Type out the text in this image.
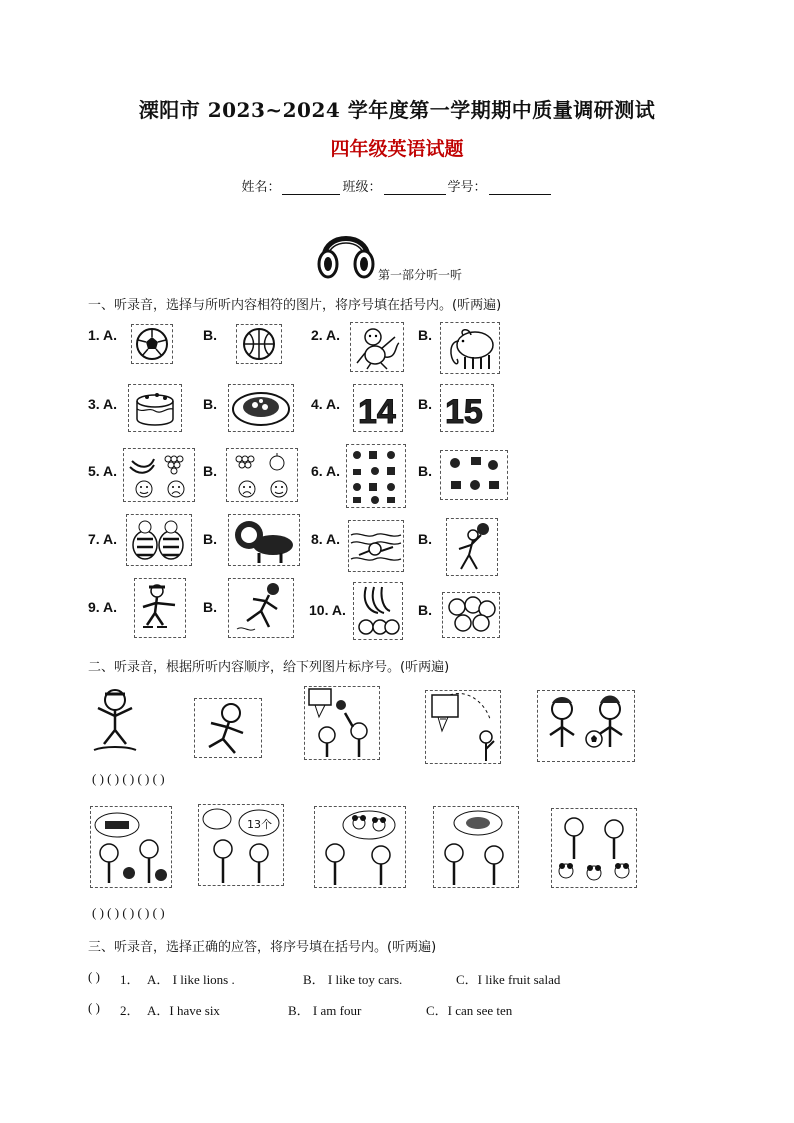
溧阳市 2023~2024 学年度第一学期期中质量调研测试
四年级英语试题
姓名：	班级：	学号：
第一部分听一听
一、听录音，选择与所听内容相符的图片，将序号填在括号内。(听两遍)
1. A.	B.	2. A.	B.
3. A.	B.	4. A. 14 B. 15
5. A.	B.	6. A.	B.
7. A.	B.	8. A.	B.
9. A.	B.	10. A.	B.
二、听录音，根据所听内容顺序，给下列图片标序号。(听两遍)
( ) ( ) ( ) ( ) ( )
13个
( ) ( ) ( ) ( ) ( )
三、听录音，选择正确的应答，将序号填在括号内。(听两遍)
( ) 1． A． I like lions .	B． I like toy cars.	C．I like fruit salad
( ) 2． A．I have six	B． I am four	C．I can see ten
